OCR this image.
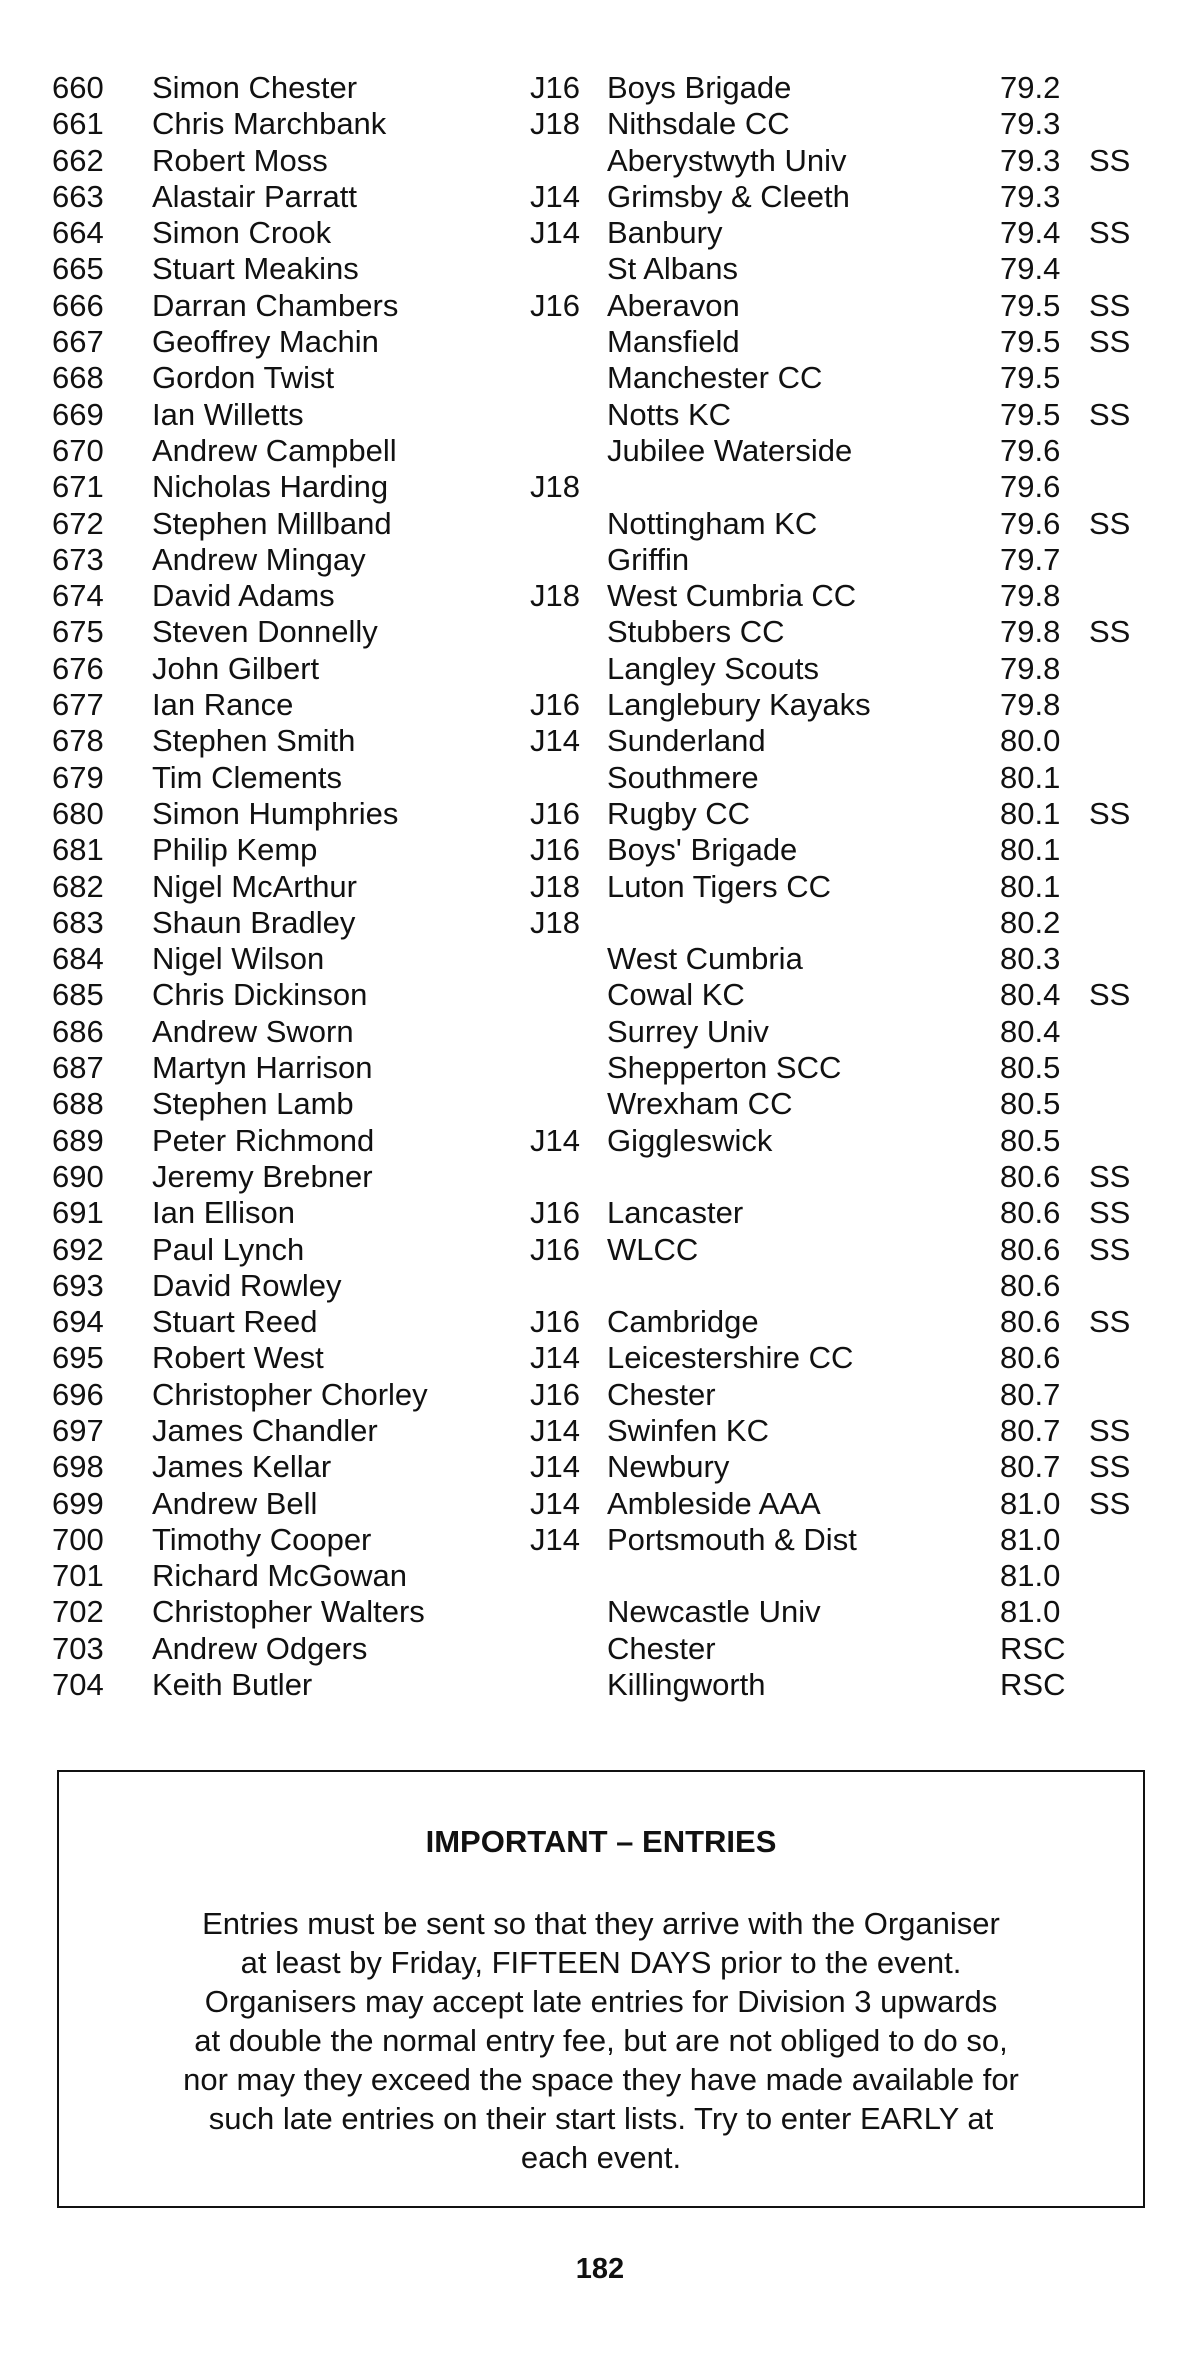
660	Simon Chester	J16 Boys Brigade	79.2
661	Chris Marchbank	J18 Nithsdale CC	79.3
662	Robert Moss	Aberystwyth Univ	79.3 SS
663	Alastair Parratt	J14 Grimsby & Cleeth	79.3
664	Simon Crook	J14 Banbury	79.4 SS
665	Stuart Meakins	St Albans	79.4
666	Darran Chambers	J16 Aberavon	79.5 SS
667	Geoffrey Machin	Mansfield	79.5 SS
668	Gordon Twist	Manchester CC	79.5
669	Ian Willetts	Notts KC	79.5 SS
670	Andrew Campbell	Jubilee Waterside	79.6
671	Nicholas Harding	J18	79.6
672	Stephen Millband	Nottingham KC	79.6 SS
673	Andrew Mingay	Griffin	79.7
674	David Adams	J18 West Cumbria CC	79.8
675	Steven Donnelly	Stubbers CC	79.8 SS
676	John Gilbert	Langley Scouts	79.8
677	Ian Rance	J16 Langlebury Kayaks	79.8
678	Stephen Smith	J14 Sunderland	80.0
679	Tim Clements	Southmere	80.1
680	Simon Humphries	J16 Rugby CC	80.1 SS
681	Philip Kemp	J16 Boys' Brigade	80.1
682	Nigel McArthur	J18 Luton Tigers CC	80.1
683	Shaun Bradley	J18	80.2
684	Nigel Wilson	West Cumbria	80.3
685	Chris Dickinson	Cowal KC	80.4 SS
686	Andrew Sworn	Surrey Univ	80.4
687	Martyn Harrison	Shepperton SCC	80.5
688	Stephen Lamb	Wrexham CC	80.5
689	Peter Richmond	J14 Giggleswick	80.5
690	Jeremy Brebner	80.6 SS
691	Ian Ellison	J16 Lancaster	80.6 SS
692	Paul Lynch	J16 WLCC	80.6 SS
693	David Rowley	80.6
694	Stuart Reed	J16 Cambridge	80.6 SS
695	Robert West	J14 Leicestershire CC	80.6
696	Christopher Chorley	J16 Chester	80.7
697	James Chandler	J14 Swinfen KC	80.7 SS
698	James Kellar	J14 Newbury	80.7 SS
699	Andrew Bell	J14 Ambleside AAA	81.0 SS
700	Timothy Cooper	J14 Portsmouth & Dist	81.0
701	Richard McGowan	81.0
702	Christopher Walters	Newcastle Univ	81.0
703	Andrew Odgers	Chester	RSC
704	Keith Butler	Killingworth	RSC
IMPORTANT – ENTRIES
Entries must be sent so that they arrive with the Organiser
at least by Friday, FIFTEEN DAYS prior to the event.
Organisers may accept late entries for Division 3 upwards
at double the normal entry fee, but are not obliged to do so,
nor may they exceed the space they have made available for
such late entries on their start lists. Try to enter EARLY at
each event.
182
